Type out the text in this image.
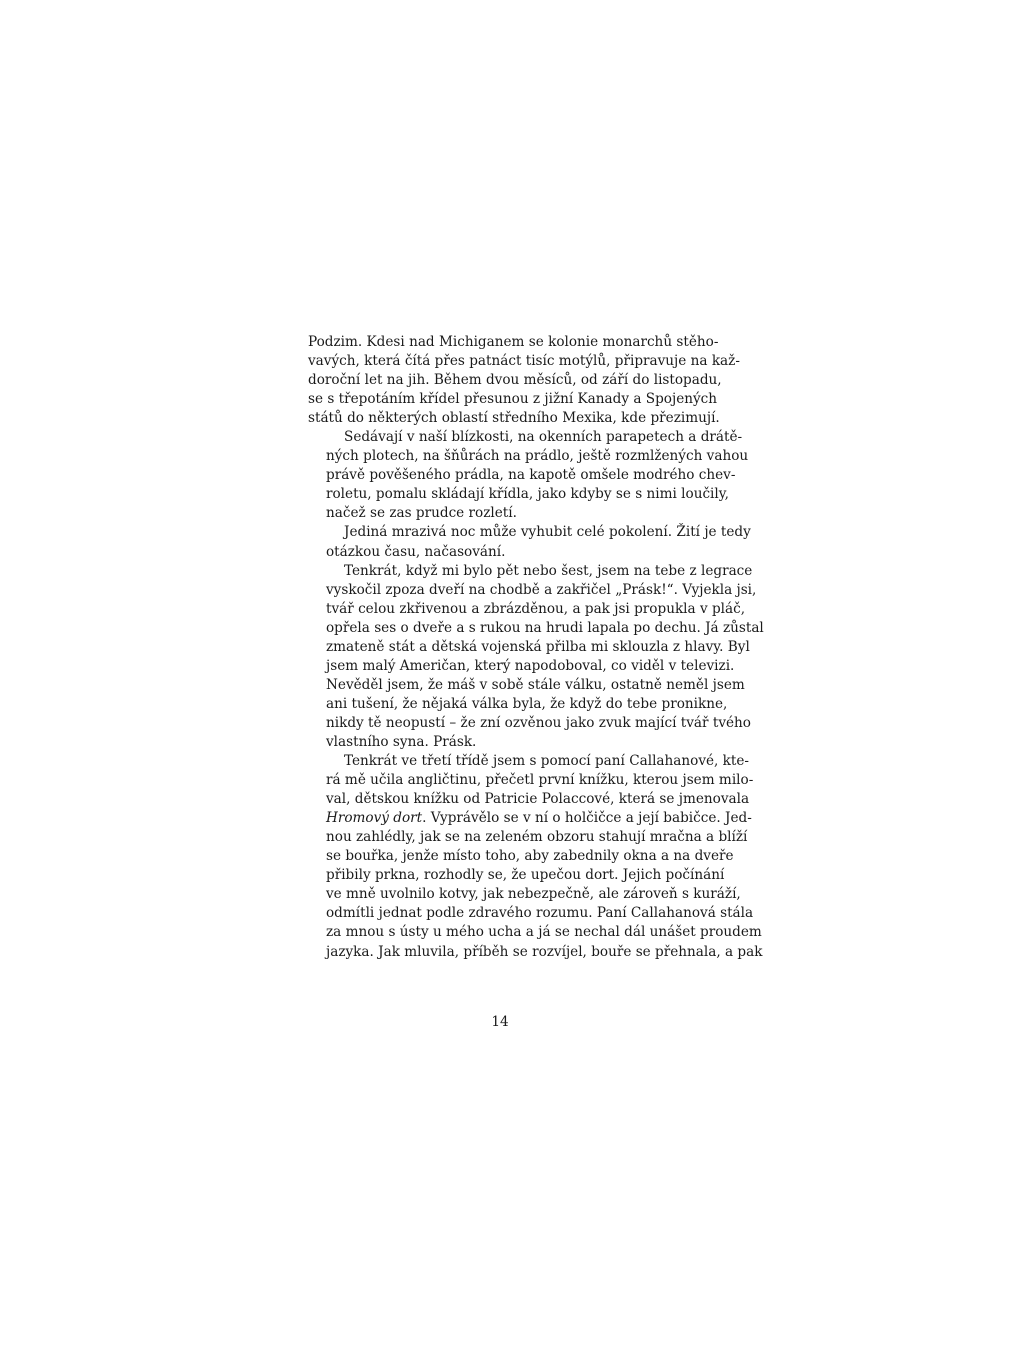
Podzim. Kdesi nad Michiganem se kolonie monarchů stěho-
vavých, která čítá přes patnáct tisíc motýlů, připravuje na kaž-
doroční let na jih. Během dvou měsíců, od září do listopadu,
se s třepotáním křídel přesunou z jižní Kanady a Spojených
států do některých oblastí středního Mexika, kde přezimují.

Sedávají v naší blízkosti, na okenních parapetech a drátě-
ných plotech, na šňůrách na prádlo, ještě rozmlžených vahou
právě pověšeného prádla, na kapotě omšele modrého chev-
roletu, pomalu skládají křídla, jako kdyby se s nimi loučily,
načež se zas prudce rozletí.

Jediná mrazivá noc může vyhubit celé pokolení. Žití je tedy
otázkou času, načasování.

Tenkrát, když mi bylo pět nebo šest, jsem na tebe z legrace
vyskočil zpoza dveří na chodbě a zakřičel „Prásk!“. Vyjekla jsi,
tvář celou zkřivenou a zbrázděnou, a pak jsi propukla v pláč,
opřela ses o dveře a s rukou na hrudi lapala po dechu. Já zůstal
zmateně stát a dětská vojenská přilba mi sklouzla z hlavy. Byl
jsem malý Američan, který napodoboval, co viděl v televizi.
Nevěděl jsem, že máš v sobě stále válku, ostatně neměl jsem
ani tušení, že nějaká válka byla, že když do tebe pronikne,
nikdy tě neopustí – že zní ozvěnou jako zvuk mající tvář tvého
vlastního syna. Prásk.

Tenkrát ve třetí třídě jsem s pomocí paní Callahanové, kte-
rá mě učila angličtinu, přečetl první knížku, kterou jsem milo-
val, dětskou knížku od Patricie Polaccové, která se jmenovala
Hromový dort. Vyprávělo se v ní o holčičce a její babičce. Jed-
nou zahlédly, jak se na zeleném obzoru stahují mračna a blíží
se bouřka, jenže místo toho, aby zabednily okna a na dveře
přibily prkna, rozhodly se, že upečou dort. Jejich počínání
ve mně uvolnilo kotvy, jak nebezpečně, ale zároveň s kuráží,
odmítli jednat podle zdravého rozumu. Paní Callahanová stála
za mnou s ústy u mého ucha a já se nechal dál unášet proudem
jazyka. Jak mluvila, příběh se rozvíjel, bouře se přehnala, a pak

14
